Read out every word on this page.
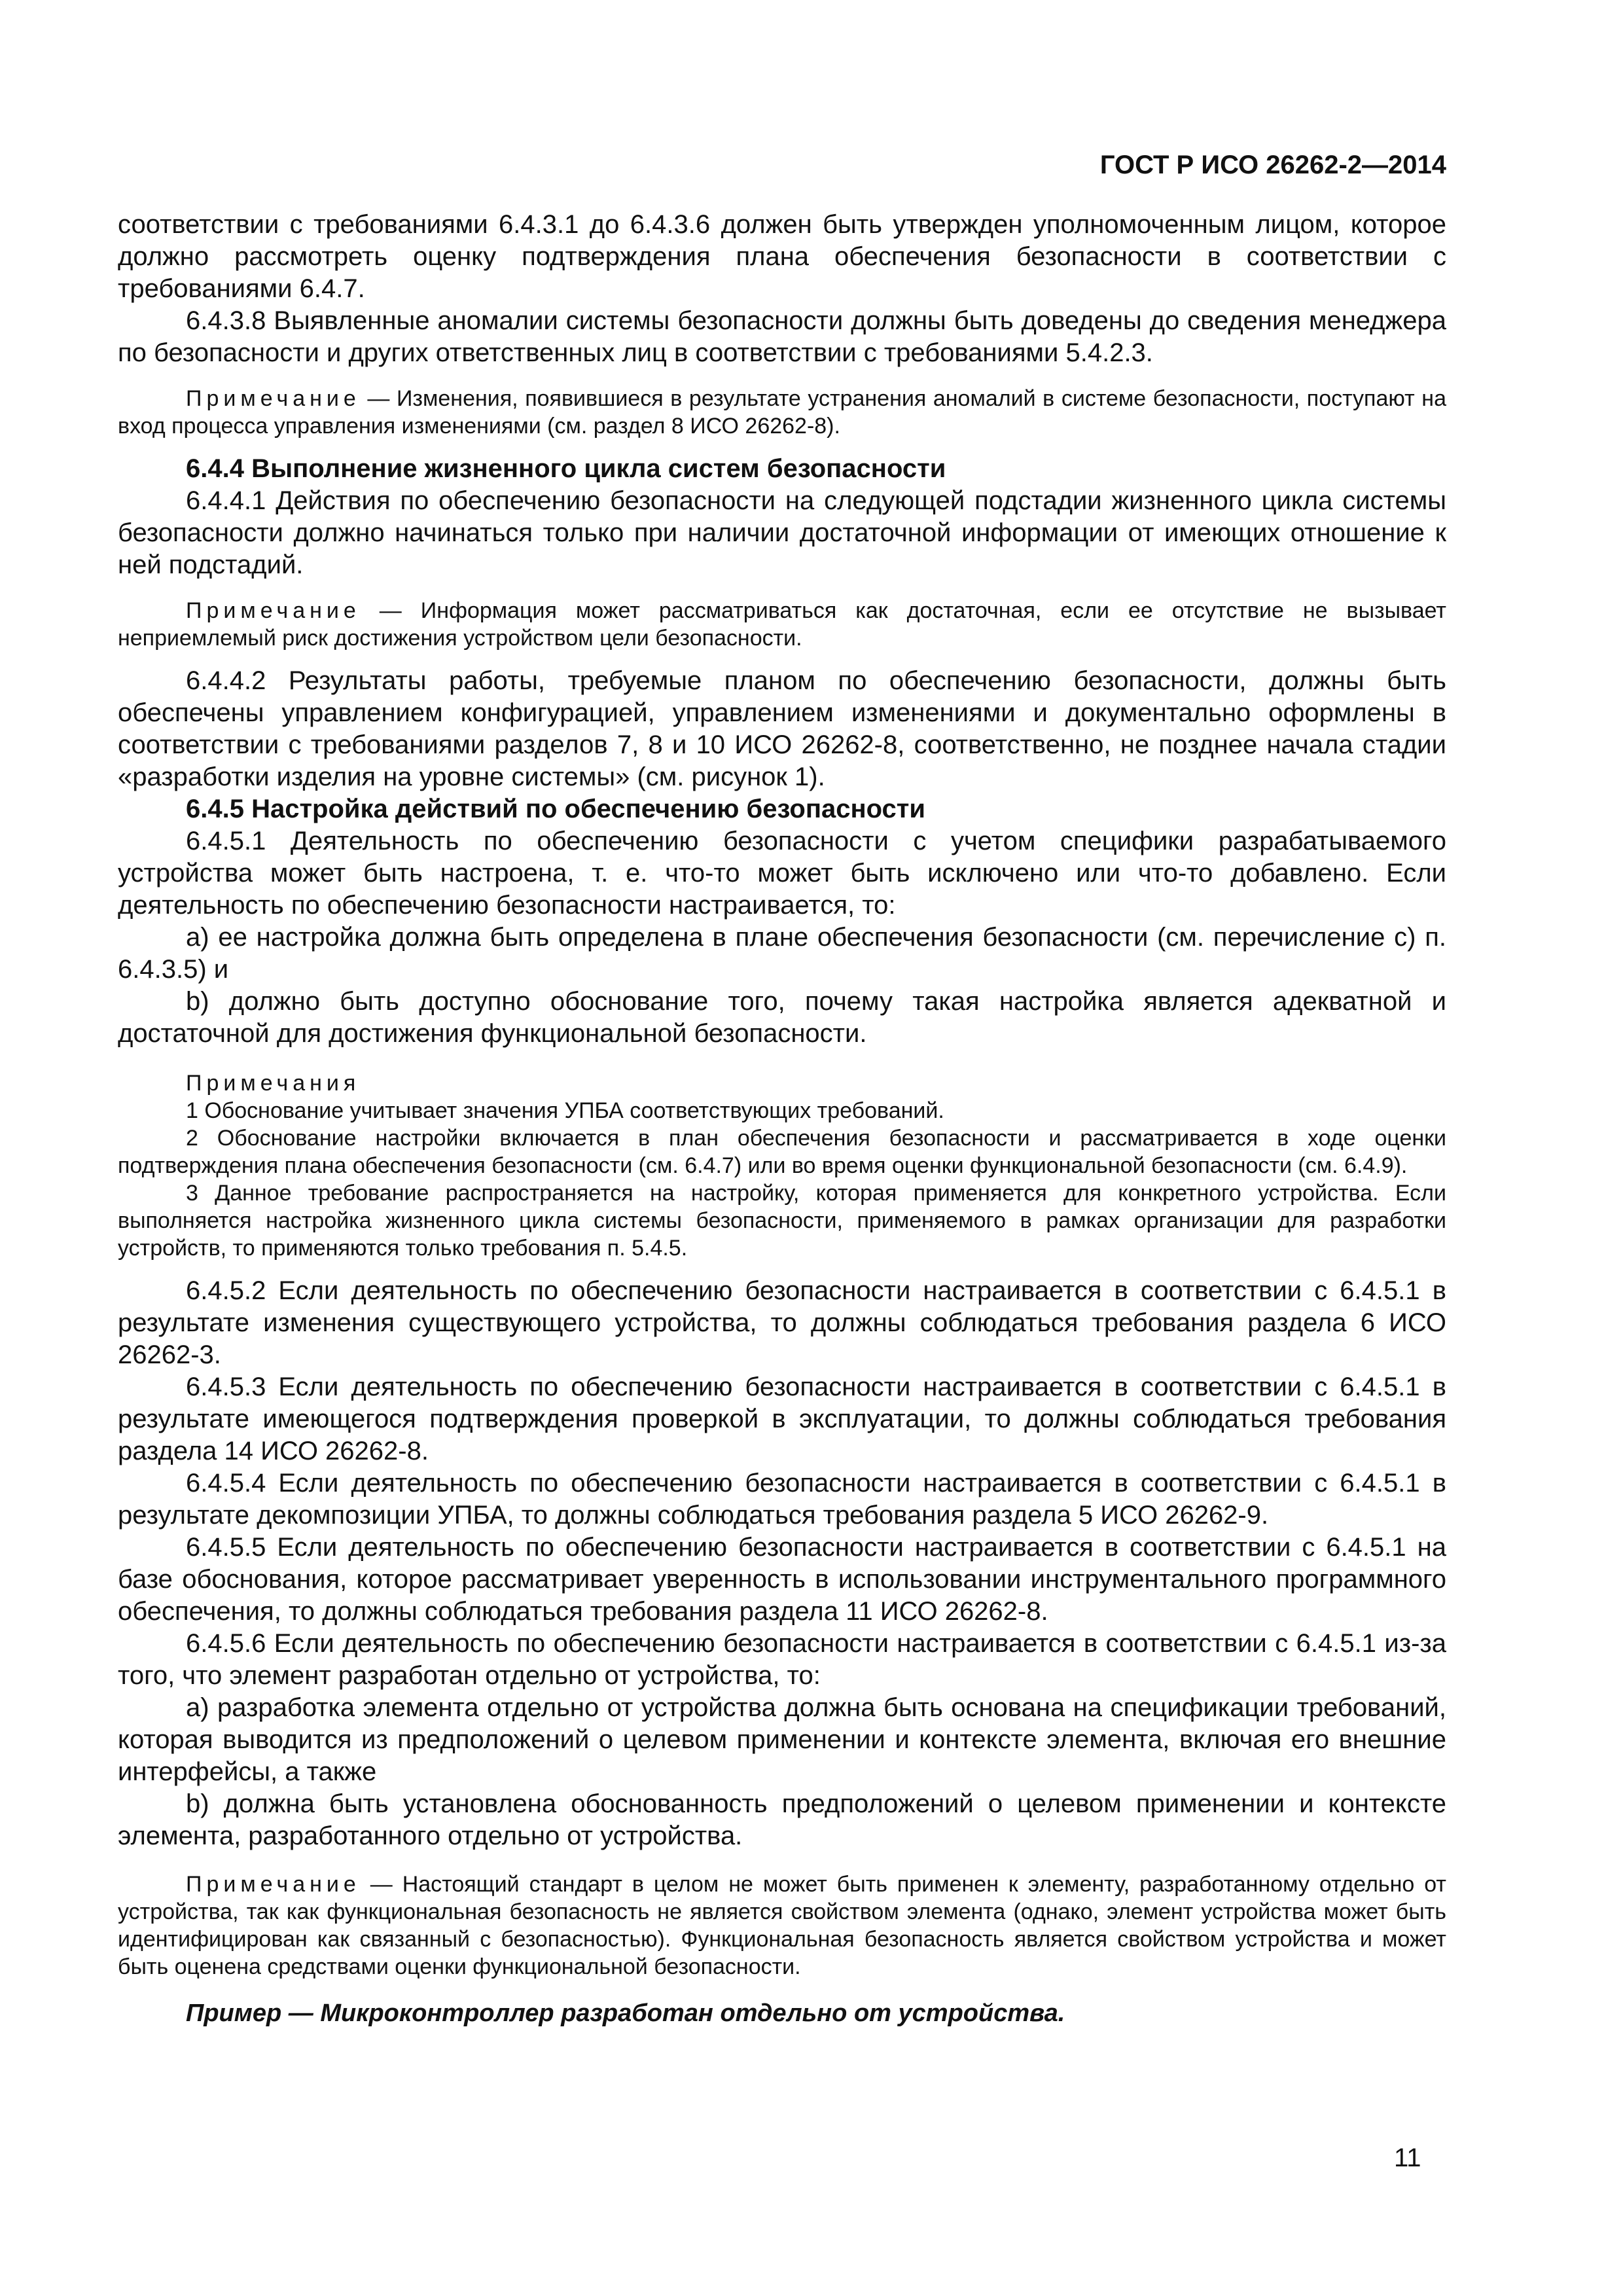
ГОСТ Р ИСО 26262-2—2014

соответствии с требованиями 6.4.3.1 до 6.4.3.6 должен быть утвержден уполномоченным лицом, которое должно рассмотреть оценку подтверждения плана обеспечения безопасности в соответствии с требованиями 6.4.7.

6.4.3.8 Выявленные аномалии системы безопасности должны быть доведены до сведения менеджера по безопасности и других ответственных лиц в соответствии с требованиями 5.4.2.3.

Примечание — Изменения, появившиеся в результате устранения аномалий в системе безопасности, поступают на вход процесса управления изменениями (см. раздел 8 ИСО 26262-8).

6.4.4 Выполнение жизненного цикла систем безопасности

6.4.4.1 Действия по обеспечению безопасности на следующей подстадии жизненного цикла системы безопасности должно начинаться только при наличии достаточной информации от имеющих отношение к ней подстадий.

Примечание — Информация может рассматриваться как достаточная, если ее отсутствие не вызывает неприемлемый риск достижения устройством цели безопасности.

6.4.4.2 Результаты работы, требуемые планом по обеспечению безопасности, должны быть обеспечены управлением конфигурацией, управлением изменениями и документально оформлены в соответствии с требованиями разделов 7, 8 и 10 ИСО 26262-8, соответственно, не позднее начала стадии «разработки изделия на уровне системы» (см. рисунок 1).

6.4.5 Настройка действий по обеспечению безопасности

6.4.5.1 Деятельность по обеспечению безопасности с учетом специфики разрабатываемого устройства может быть настроена, т. е. что-то может быть исключено или что-то добавлено. Если деятельность по обеспечению безопасности настраивается, то:

a) ее настройка должна быть определена в плане обеспечения безопасности (см. перечисление c) п. 6.4.3.5) и

b) должно быть доступно обоснование того, почему такая настройка является адекватной и достаточной для достижения функциональной безопасности.

Примечания

1 Обоснование учитывает значения УПБА соответствующих требований.

2 Обоснование настройки включается в план обеспечения безопасности и рассматривается в ходе оценки подтверждения плана обеспечения безопасности (см. 6.4.7) или во время оценки функциональной безопасности (см. 6.4.9).

3 Данное требование распространяется на настройку, которая применяется для конкретного устройства. Если выполняется настройка жизненного цикла системы безопасности, применяемого в рамках организации для разработки устройств, то применяются только требования п. 5.4.5.

6.4.5.2 Если деятельность по обеспечению безопасности настраивается в соответствии с 6.4.5.1 в результате изменения существующего устройства, то должны соблюдаться требования раздела 6 ИСО 26262-3.

6.4.5.3 Если деятельность по обеспечению безопасности настраивается в соответствии с 6.4.5.1 в результате имеющегося подтверждения проверкой в эксплуатации, то должны соблюдаться требования раздела 14 ИСО 26262-8.

6.4.5.4 Если деятельность по обеспечению безопасности настраивается в соответствии с 6.4.5.1 в результате декомпозиции УПБА, то должны соблюдаться требования раздела 5 ИСО 26262-9.

6.4.5.5 Если деятельность по обеспечению безопасности настраивается в соответствии с 6.4.5.1 на базе обоснования, которое рассматривает уверенность в использовании инструментального программного обеспечения, то должны соблюдаться требования раздела 11 ИСО 26262-8.

6.4.5.6 Если деятельность по обеспечению безопасности настраивается в соответствии с 6.4.5.1 из-за того, что элемент разработан отдельно от устройства, то:

a) разработка элемента отдельно от устройства должна быть основана на спецификации требований, которая выводится из предположений о целевом применении и контексте элемента, включая его внешние интерфейсы, а также

b) должна быть установлена обоснованность предположений о целевом применении и контексте элемента, разработанного отдельно от устройства.

Примечание — Настоящий стандарт в целом не может быть применен к элементу, разработанному отдельно от устройства, так как функциональная безопасность не является свойством элемента (однако, элемент устройства может быть идентифицирован как связанный с безопасностью). Функциональная безопасность является свойством устройства и может быть оценена средствами оценки функциональной безопасности.

Пример — Микроконтроллер разработан отдельно от устройства.

11
